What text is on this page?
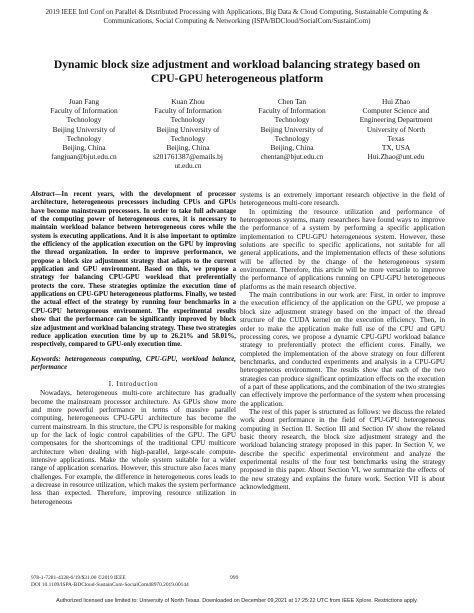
2019 IEEE Intl Conf on Parallel & Distributed Processing with Applications, Big Data & Cloud Computing, Sustainable Computing & Communications, Social Computing & Networking (ISPA/BDCloud/SocialCom/SustainCom)
Dynamic block size adjustment and workload balancing strategy based on CPU-GPU heterogeneous platform
Juan Fang
Faculty of Information
Technology
Beijing University of
Technology
Beijing, China
fangjuan@bjut.edu.cn
Kuan Zhou
Faculty of Information
Technology
Beijing University of
Technology
Beijing, China
s201761387@emails.bj
ut.edu.cn
Chen Tan
Faculty of Information
Technology
Beijing University of
Technology
Beijing, China
chentan@bjut.edu.cn
Hui Zhao
Computer Science and
Engineering Department
University of North
Texas
TX, USA
Hui.Zhao@unt.edu
Abstract—In recent years, with the development of processor architecture, heterogeneous processors including CPUs and GPUs have become mainstream processors. In order to take full advantage of the computing power of heterogeneous cores, it is necessary to maintain workload balance between heterogeneous cores while the system is executing applications. And it is also important to optimize the efficiency of the application execution on the GPU by improving the thread organization. In order to improve performance, we propose a block size adjustment strategy that adapts to the current application and GPU environment. Based on this, we propose a strategy for balancing CPU-GPU workload that preferentially protects the core. These strategies optimize the execution time of applications on CPU-GPU heterogeneous platforms. Finally, we tested the actual effect of the strategy by running four benchmarks in a CPU-GPU heterogeneous environment. The experimental results show that the performance can be significantly improved by block size adjustment and workload balancing strategy. These two strategies reduce application execution time by up to 26.21% and 58.01%, respectively, compared to GPU-only execution time.
Keywords: heterogeneous computing, CPU-GPU, workload balance, performance
I. Introduction

Nowadays, heterogeneous multi-core architecture has gradually become the mainstream processor architecture. As GPUs show more and more powerful performance in terms of massive parallel computing, heterogeneous CPU-GPU architecture has become the current mainstream. In this structure, the CPU is responsible for making up for the lack of logic control capabilities of the GPU. The GPU compensates for the shortcomings of the traditional CPU multicore architecture when dealing with high-parallel, large-scale compute-intensive applications. Make the whole system suitable for a wider range of application scenarios. However, this structure also faces many challenges. For example, the difference in heterogeneous cores leads to a decrease in resource utilization, which makes the system performance less than expected. Therefore, improving resource utilization in heterogeneous

systems is an extremely important research objective in the field of heterogeneous multi-core research.

In optimizing the resource utilization and performance of heterogeneous systems, many researchers have found ways to improve the performance of a system by performing a specific application implementation to CPU-GPU heterogeneous system. However, these solutions are specific to specific applications, not suitable for all general applications, and the implementation effects of these solutions will be affected by the change of the heterogeneous system environment. Therefore, this article will be more versatile to improve the performance of applications running on CPU-GPU heterogeneous platforms as the main research objective.

The main contributions in our work are: First, in order to improve the execution efficiency of the application on the GPU, we propose a block size adjustment strategy based on the impact of the thread structure of the CUDA kernel on the execution efficiency. Then, in order to make the application make full use of the CPU and GPU processing cores, we propose a dynamic CPU-GPU workload balance strategy to preferentially protect the efficient cores. Finally, we completed the implementation of the above strategy on four different benchmarks, and conducted experiments and analysis in a CPU-GPU heterogeneous environment. The results show that each of the two strategies can produce significant optimization effects on the execution of a part of these applications, and the combination of the two strategies can effectively improve the performance of the system when processing the application.

The rest of this paper is structured as follows: we discuss the related work about performance in the field of CPU-GPU heterogeneous computing in Section II. Section III and Section IV show the related basic theory research, the block size adjustment strategy and the workload balancing strategy proposed in this paper. In Section V, we describe the specific experimental environment and analyze the experimental results of the four test benchmarks using the strategy proposed in this paper. About Section VI, we summarize the effects of the new strategy and explains the future work. Section VII is about acknowledgment.

978-1-7281-4328-6/19/$31.00 ©2019 IEEE
DOI 10.1109/ISPA-BDCloud-SustainCom-SocialCom48970.2019.00144
999
Authorized licensed use limited to: University of North Texas. Downloaded on December 09,2021 at 17:25:22 UTC from IEEE Xplore. Restrictions apply.
